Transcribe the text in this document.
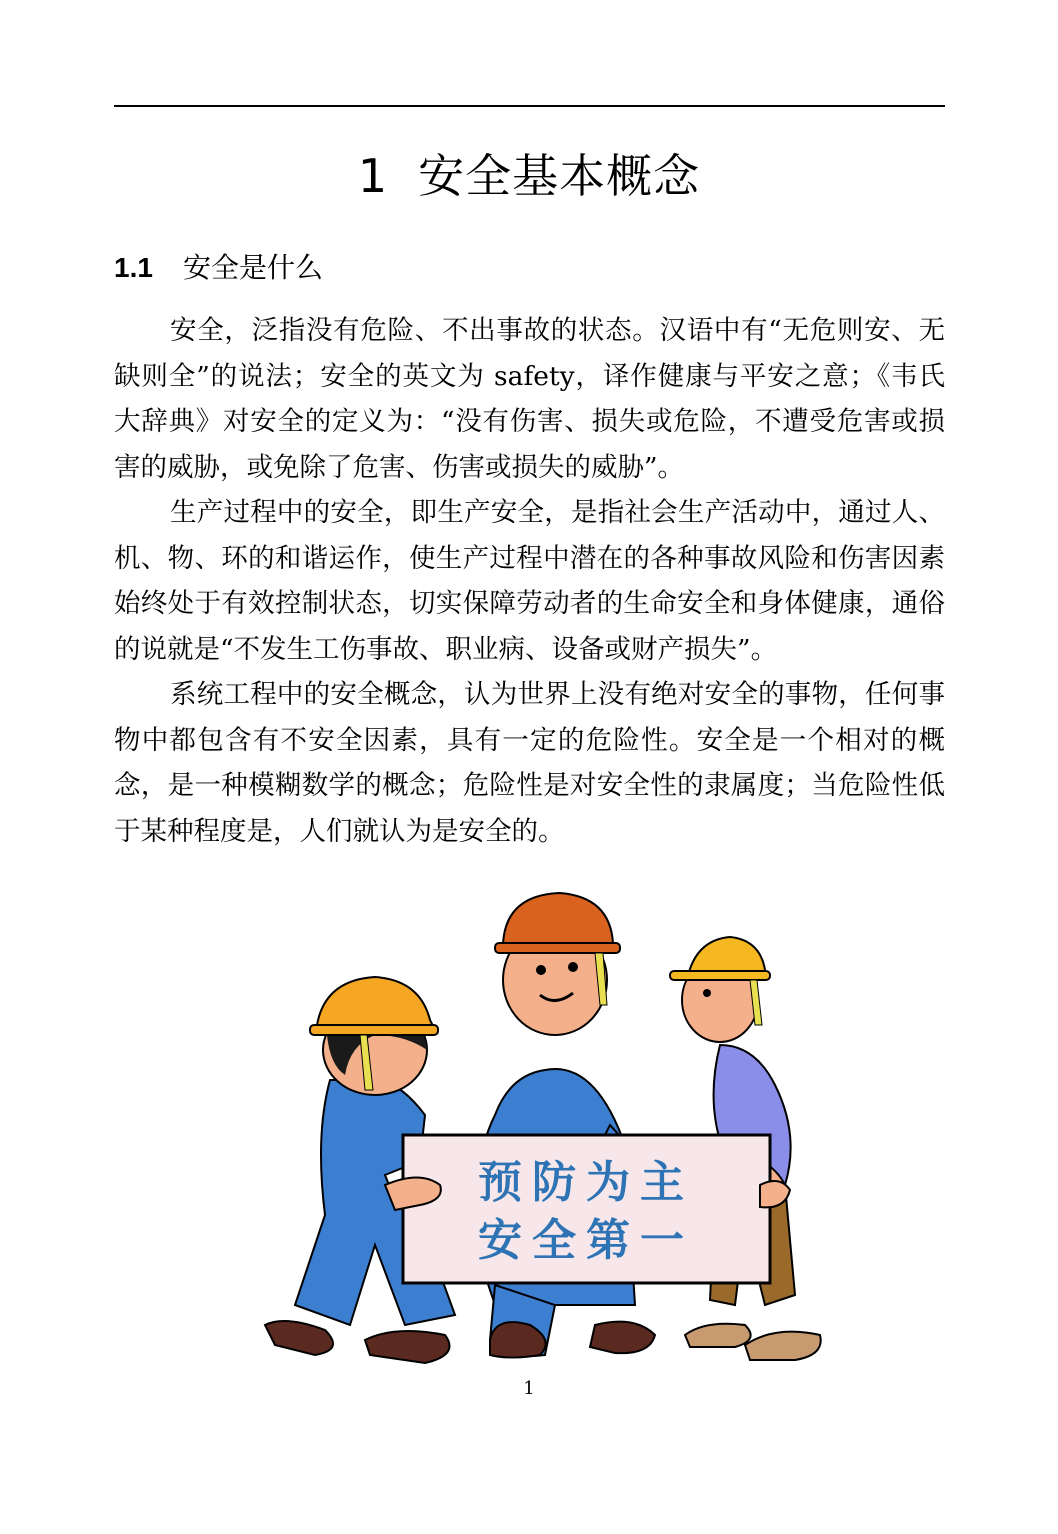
1 安全基本概念
1.1 安全是什么

安全，泛指没有危险、不出事故的状态。汉语中有“无危则安、无缺则全”的说法；安全的英文为 safety，译作健康与平安之意；《韦氏大辞典》对安全的定义为：“没有伤害、损失或危险，不遭受危害或损害的威胁，或免除了危害、伤害或损失的威胁”。

生产过程中的安全，即生产安全，是指社会生产活动中，通过人、机、物、环的和谐运作，使生产过程中潜在的各种事故风险和伤害因素始终处于有效控制状态，切实保障劳动者的生命安全和身体健康，通俗的说就是“不发生工伤事故、职业病、设备或财产损失”。

系统工程中的安全概念，认为世界上没有绝对安全的事物，任何事物中都包含有不安全因素，具有一定的危险性。安全是一个相对的概念，是一种模糊数学的概念；危险性是对安全性的隶属度；当危险性低于某种程度是，人们就认为是安全的。

预防为主
安全第一
1
